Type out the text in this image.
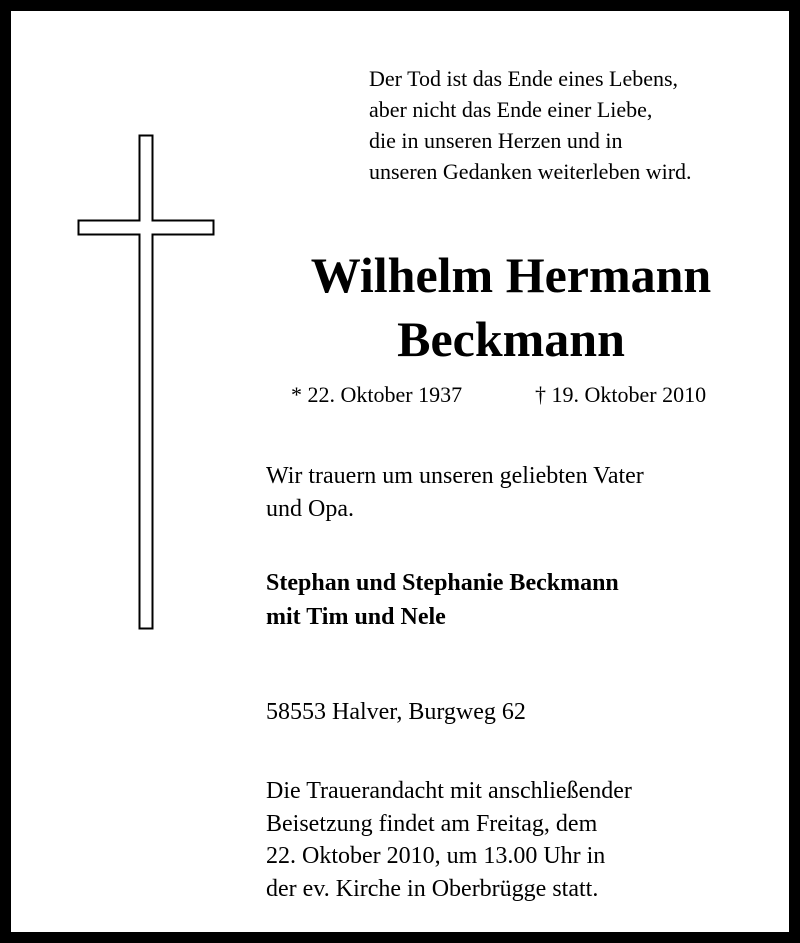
Der Tod ist das Ende eines Lebens,
aber nicht das Ende einer Liebe,
die in unseren Herzen und in
unseren Gedanken weiterleben wird.
Wilhelm Hermann
Beckmann
* 22. Oktober 1937	† 19. Oktober 2010
Wir trauern um unseren geliebten Vater
und Opa.
Stephan und Stephanie Beckmann
mit Tim und Nele
58553 Halver, Burgweg 62
Die Trauerandacht mit anschließender
Beisetzung findet am Freitag, dem
22. Oktober 2010, um 13.00 Uhr in
der ev. Kirche in Oberbrügge statt.
